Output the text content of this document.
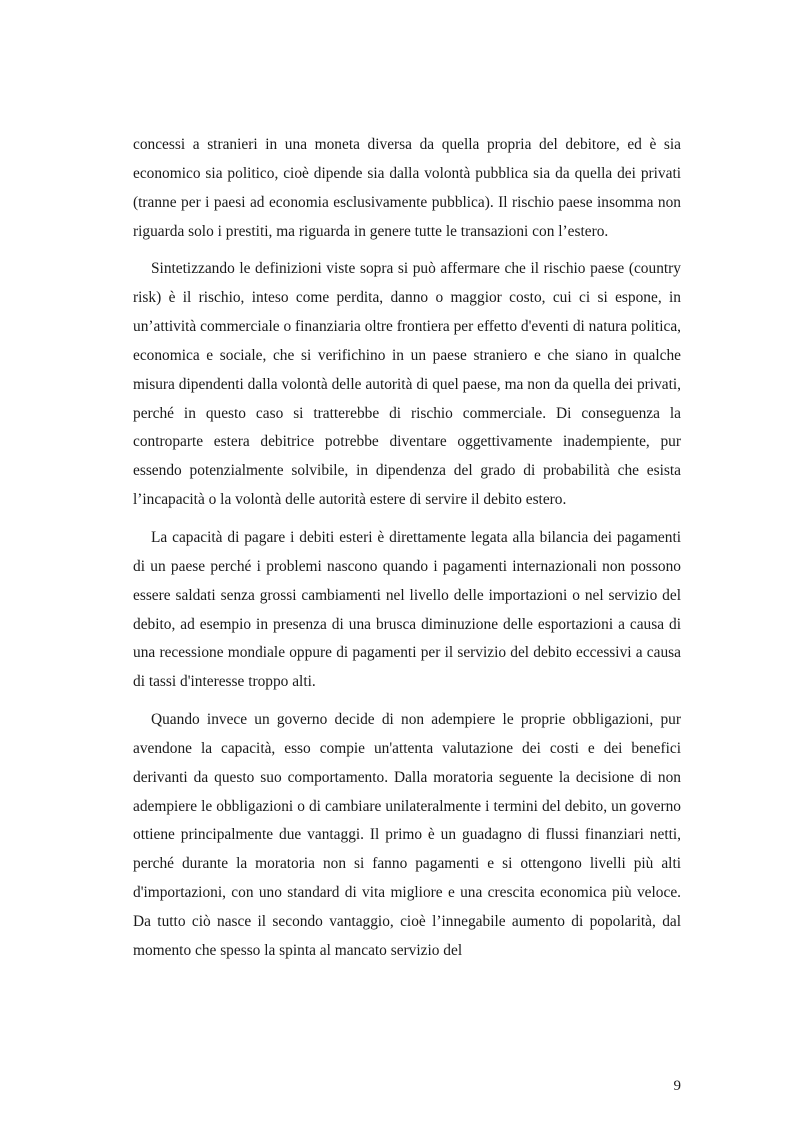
concessi a stranieri in una moneta diversa da quella propria del debitore, ed è sia economico sia politico, cioè dipende sia dalla volontà pubblica sia da quella dei privati (tranne per i paesi ad economia esclusivamente pubblica). Il rischio paese insomma non riguarda solo i prestiti, ma riguarda in genere tutte le transazioni con l’estero.

Sintetizzando le definizioni viste sopra si può affermare che il rischio paese (country risk) è il rischio, inteso come perdita, danno o maggior costo, cui ci si espone, in un’attività commerciale o finanziaria oltre frontiera per effetto d'eventi di natura politica, economica e sociale, che si verifichino in un paese straniero e che siano in qualche misura dipendenti dalla volontà delle autorità di quel paese, ma non da quella dei privati, perché in questo caso si tratterebbe di rischio commerciale. Di conseguenza la controparte estera debitrice potrebbe diventare oggettivamente inadempiente, pur essendo potenzialmente solvibile, in dipendenza del grado di probabilità che esista l’incapacità o la volontà delle autorità estere di servire il debito estero.

La capacità di pagare i debiti esteri è direttamente legata alla bilancia dei pagamenti di un paese perché i problemi nascono quando i pagamenti internazionali non possono essere saldati senza grossi cambiamenti nel livello delle importazioni o nel servizio del debito, ad esempio in presenza di una brusca diminuzione delle esportazioni a causa di una recessione mondiale oppure di pagamenti per il servizio del debito eccessivi a causa di tassi d'interesse troppo alti.

Quando invece un governo decide di non adempiere le proprie obbligazioni, pur avendone la capacità, esso compie un'attenta valutazione dei costi e dei benefici derivanti da questo suo comportamento. Dalla moratoria seguente la decisione di non adempiere le obbligazioni o di cambiare unilateralmente i termini del debito, un governo ottiene principalmente due vantaggi. Il primo è un guadagno di flussi finanziari netti, perché durante la moratoria non si fanno pagamenti e si ottengono livelli più alti d'importazioni, con uno standard di vita migliore e una crescita economica più veloce. Da tutto ciò nasce il secondo vantaggio, cioè l’innegabile aumento di popolarità, dal momento che spesso la spinta al mancato servizio del

9
